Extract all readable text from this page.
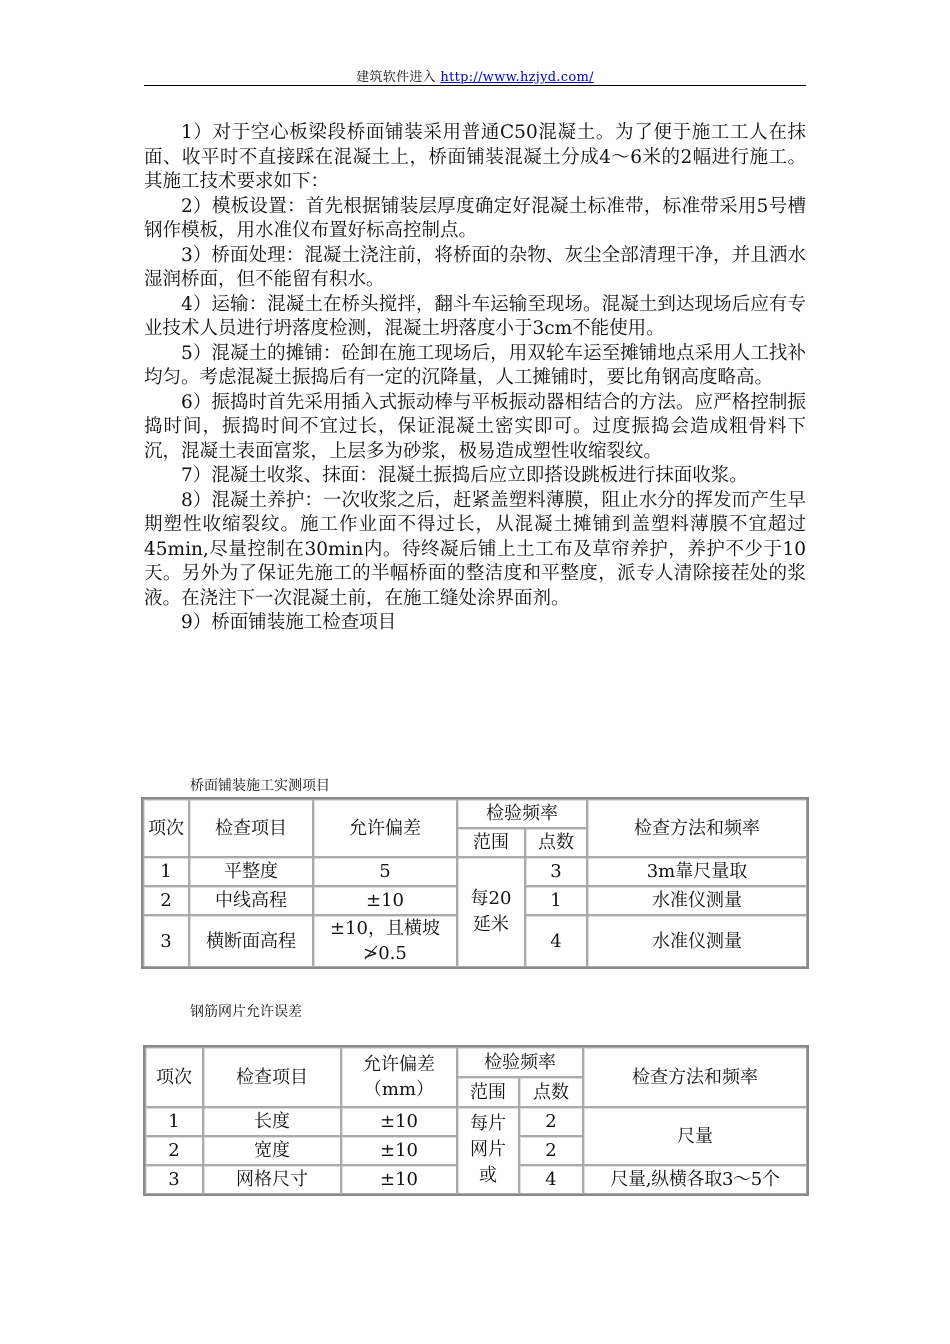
建筑软件进入 http://www.hzjyd.com/

1）对于空心板梁段桥面铺装采用普通C50混凝土。为了便于施工工人在抹面、收平时不直接踩在混凝土上，桥面铺装混凝土分成4～6米的2幅进行施工。其施工技术要求如下：

2）模板设置：首先根据铺装层厚度确定好混凝土标准带，标准带采用5号槽钢作模板，用水准仪布置好标高控制点。

3）桥面处理：混凝土浇注前，将桥面的杂物、灰尘全部清理干净，并且洒水湿润桥面，但不能留有积水。

4）运输：混凝土在桥头搅拌，翻斗车运输至现场。混凝土到达现场后应有专业技术人员进行坍落度检测，混凝土坍落度小于3cm不能使用。

5）混凝土的摊铺：砼卸在施工现场后，用双轮车运至摊铺地点采用人工找补均匀。考虑混凝土振捣后有一定的沉降量，人工摊铺时，要比角钢高度略高。

6）振捣时首先采用插入式振动棒与平板振动器相结合的方法。应严格控制振捣时间，振捣时间不宜过长，保证混凝土密实即可。过度振捣会造成粗骨料下沉，混凝土表面富浆，上层多为砂浆，极易造成塑性收缩裂纹。

7）混凝土收浆、抹面：混凝土振捣后应立即搭设跳板进行抹面收浆。

8）混凝土养护：一次收浆之后，赶紧盖塑料薄膜，阻止水分的挥发而产生早期塑性收缩裂纹。施工作业面不得过长，从混凝土摊铺到盖塑料薄膜不宜超过45min,尽量控制在30min内。待终凝后铺上土工布及草帘养护，养护不少于10天。另外为了保证先施工的半幅桥面的整洁度和平整度，派专人清除接茬处的浆液。在浇注下一次混凝土前，在施工缝处涂界面剂。

9）桥面铺装施工检查项目

桥面铺装施工实测项目
项次	检查项目	允许偏差	检验频率		检查方法和频率
			范围	点数	
1	平整度	5	每20延米	3	3m靠尺量取
2	中线高程	±10		1	水准仪测量
3	横断面高程	±10，且横坡≯0.5		4	水准仪测量
钢筋网片允许误差
项次	检查项目	允许偏差（mm）	检验频率		检查方法和频率
			范围	点数	
1	长度	±10	每片网片或	2	尺量
2	宽度	±10		2	
3	网格尺寸	±10		4	尺量,纵横各取3～5个
